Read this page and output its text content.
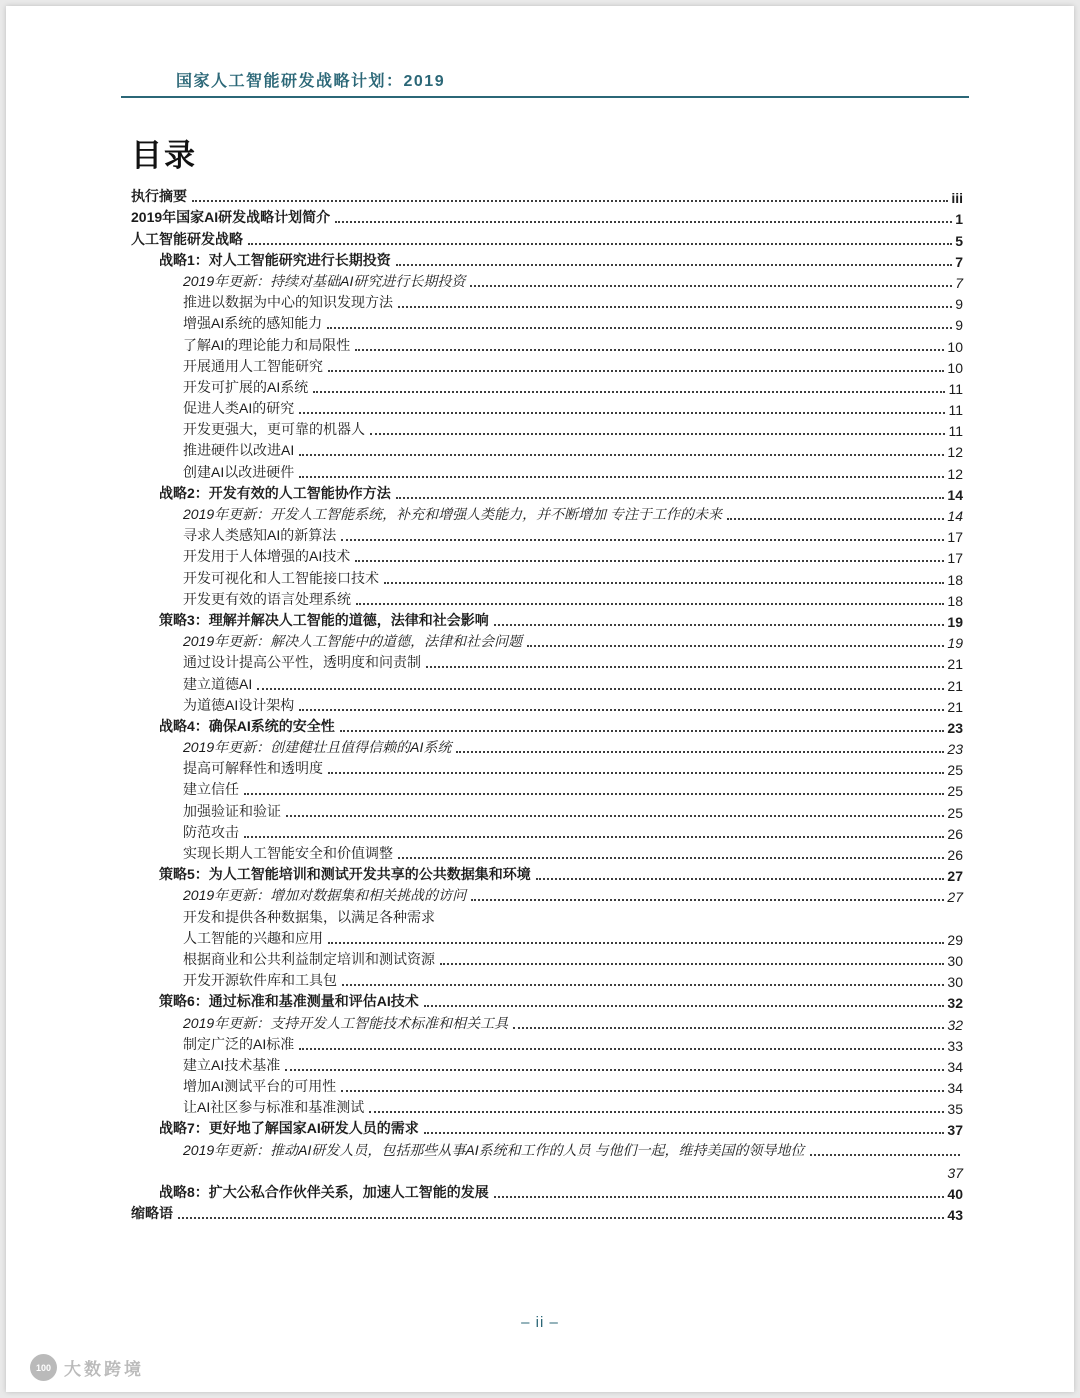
国家人工智能研发战略计划：2019
目录
执行摘要	iii
2019年国家AI研发战略计划简介	1
人工智能研发战略	5
战略1：对人工智能研究进行长期投资	7
2019年更新：持续对基础AI研究进行长期投资	7
推进以数据为中心的知识发现方法	9
增强AI系统的感知能力	9
了解AI的理论能力和局限性	10
开展通用人工智能研究	10
开发可扩展的AI系统	11
促进人类AI的研究	11
开发更强大，更可靠的机器人	11
推进硬件以改进AI	12
创建AI以改进硬件	12
战略2：开发有效的人工智能协作方法	14
2019年更新：开发人工智能系统，补充和增强人类能力，并不断增加 专注于工作的未来	14
寻求人类感知AI的新算法	17
开发用于人体增强的AI技术	17
开发可视化和人工智能接口技术	18
开发更有效的语言处理系统	18
策略3：理解并解决人工智能的道德，法律和社会影响	19
2019年更新：解决人工智能中的道德，法律和社会问题	19
通过设计提高公平性，透明度和问责制	21
建立道德AI	21
为道德AI设计架构	21
战略4：确保AI系统的安全性	23
2019年更新：创建健壮且值得信赖的AI系统	23
提高可解释性和透明度	25
建立信任	25
加强验证和验证	25
防范攻击	26
实现长期人工智能安全和价值调整	26
策略5：为人工智能培训和测试开发共享的公共数据集和环境	27
2019年更新：增加对数据集和相关挑战的访问	27
开发和提供各种数据集，以满足各种需求
人工智能的兴趣和应用	29
根据商业和公共利益制定培训和测试资源	30
开发开源软件库和工具包	30
策略6：通过标准和基准测量和评估AI技术	32
2019年更新：支持开发人工智能技术标准和相关工具	32
制定广泛的AI标准	33
建立AI技术基准	34
增加AI测试平台的可用性	34
让AI社区参与标准和基准测试	35
战略7：更好地了解国家AI研发人员的需求	37
2019年更新：推动AI研发人员，包括那些从事AI系统和工作的人员 与他们一起，维持美国的领导地位
37
战略8：扩大公私合作伙伴关系，加速人工智能的发展	40
缩略语	43
– ii –
100 大数跨境
